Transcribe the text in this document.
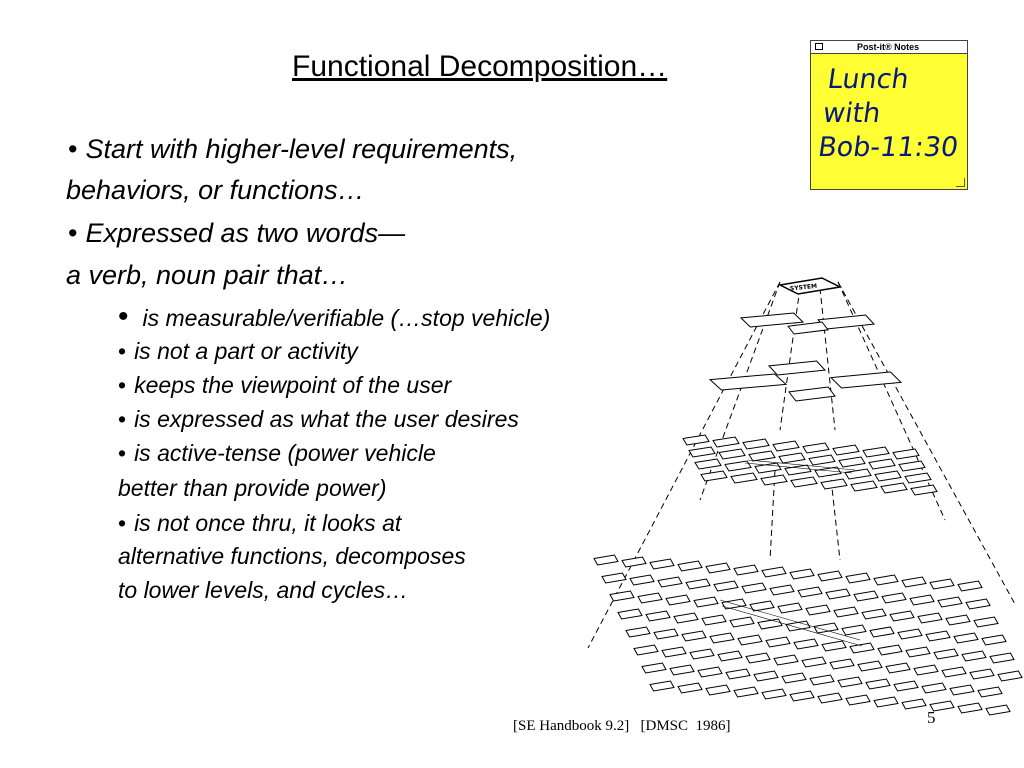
Functional Decomposition…
• Start with higher-level requirements,
behaviors, or functions…
• Expressed as two words—
a verb, noun pair that…
• is measurable/verifiable (…stop vehicle)
• is not a part or activity
• keeps the viewpoint of the user
• is expressed as what the user desires
• is active-tense (power vehicle
better than provide power)
• is not once thru, it looks at
alternative functions, decomposes
to lower levels, and cycles…
Post-it® Notes
Lunch
with
Bob-11:30
SYSTEM
[SE Handbook 9.2]   [DMSC  1986]	5
